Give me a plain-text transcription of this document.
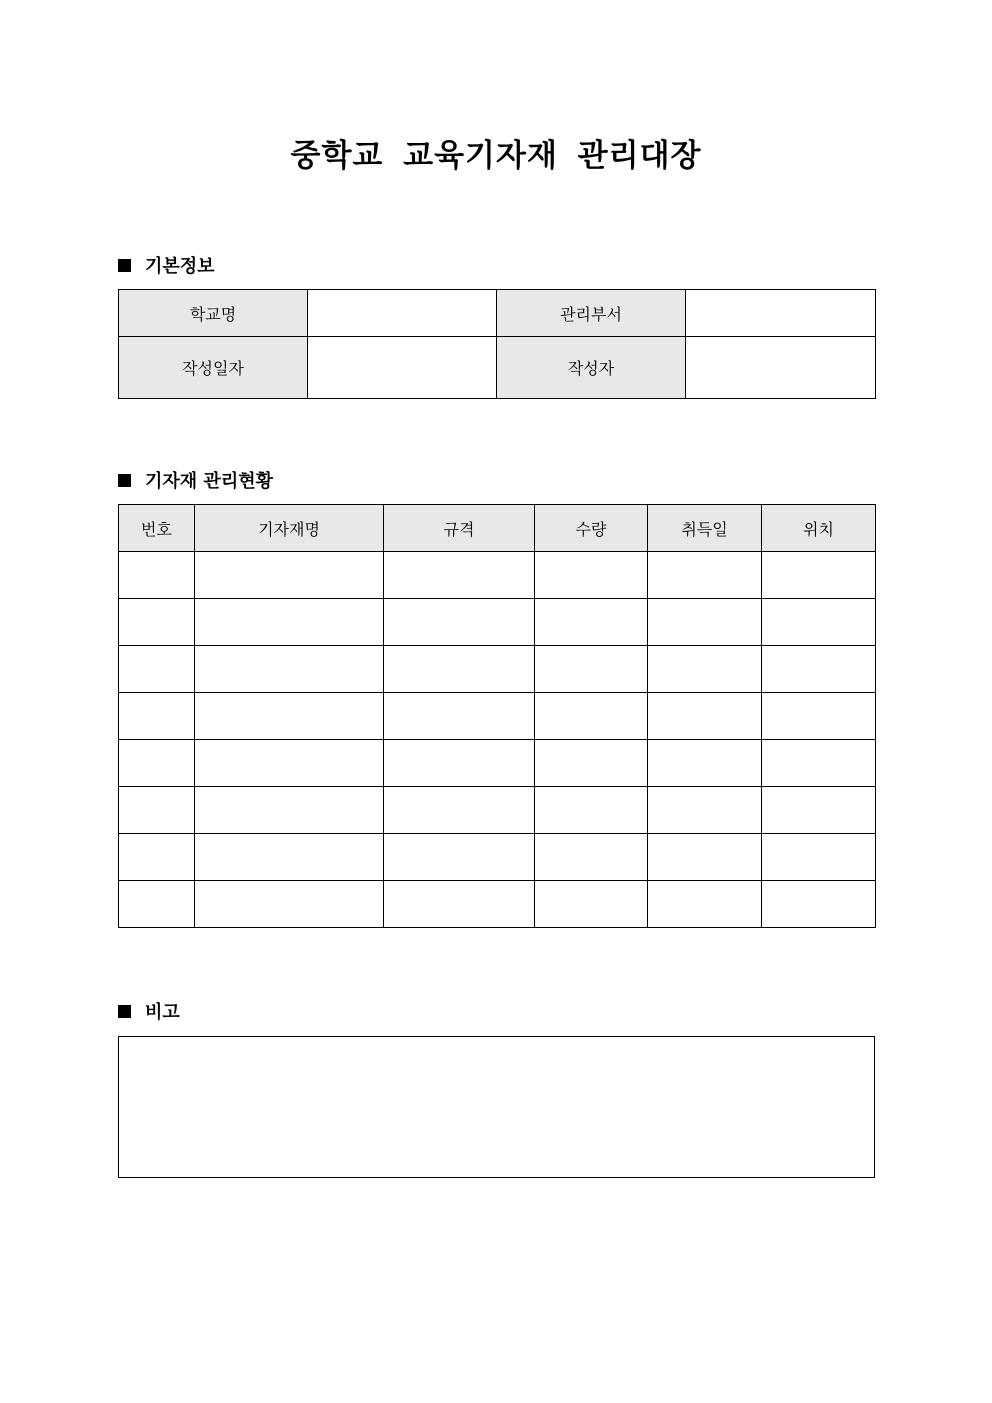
중학교 교육기자재 관리대장
기본정보
학교명		관리부서	
작성일자		작성자	
기자재 관리현황
번호	기자재명	규격	수량	취득일	위치

비고
